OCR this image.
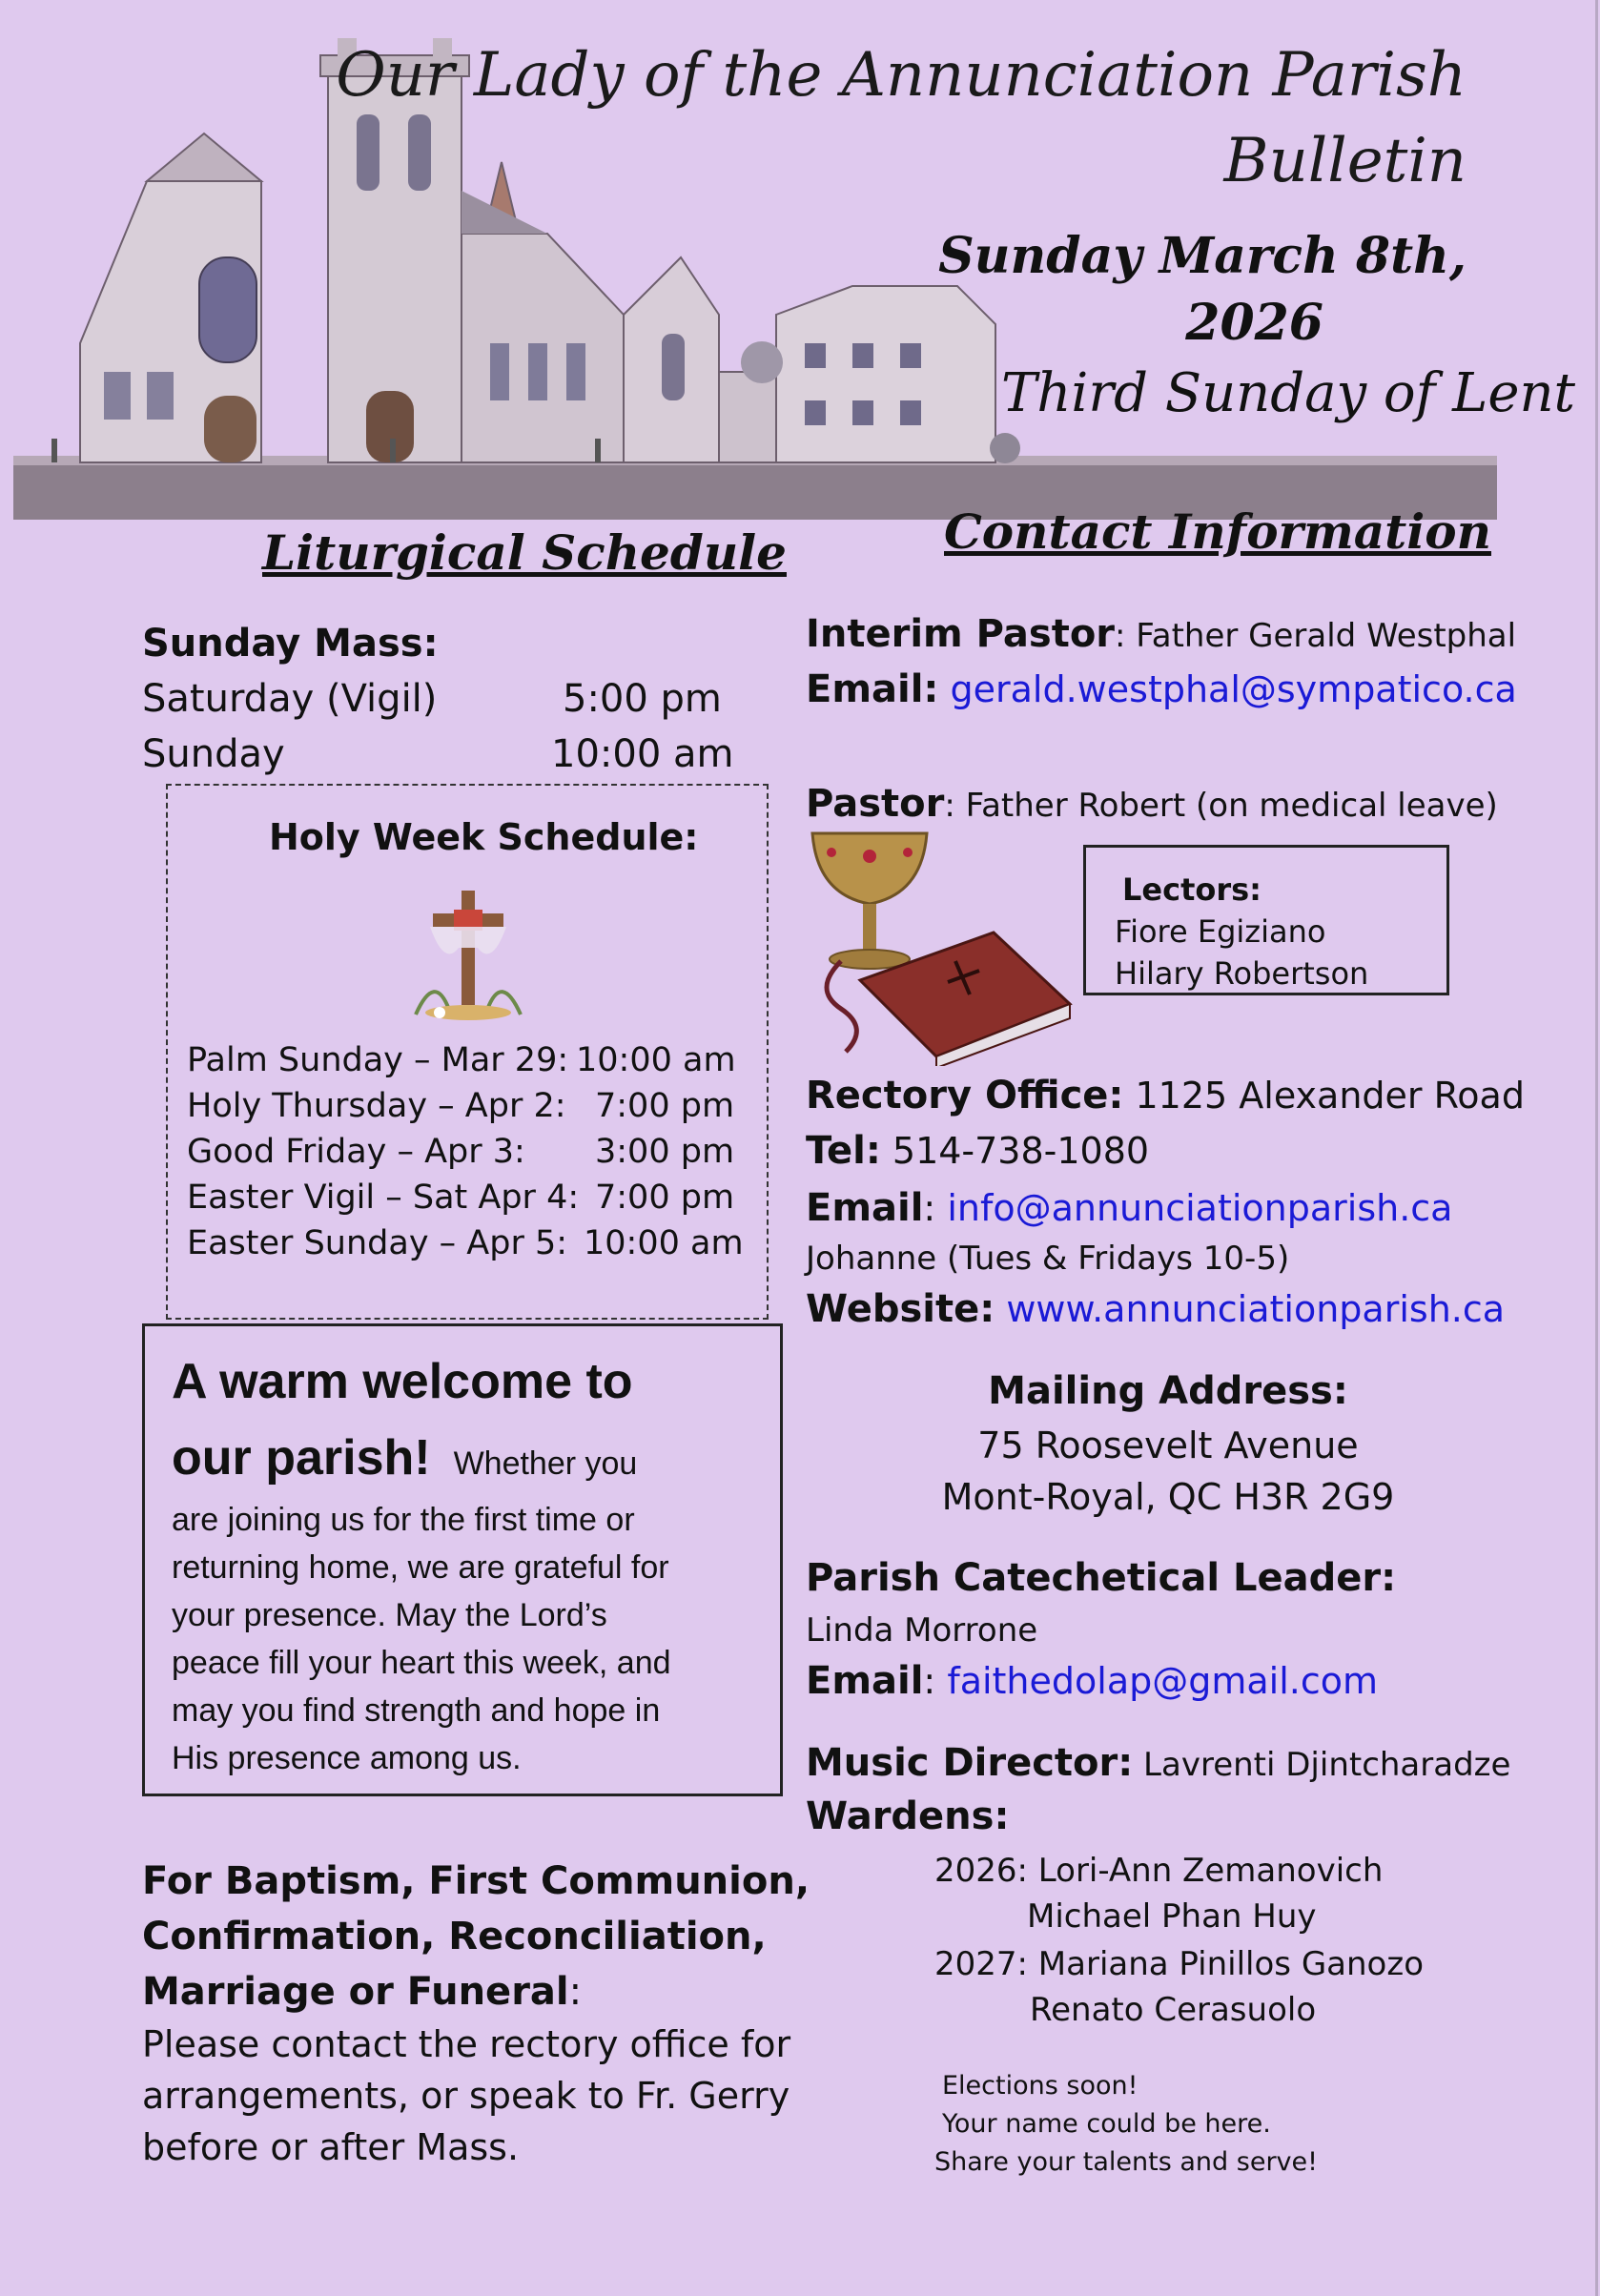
Our Lady of the Annunciation Parish
Bulletin
Sunday March 8th,
2026
Third Sunday of Lent
Liturgical Schedule	Contact Information
Sunday Mass:
Saturday (Vigil)	5:00 pm
Sunday	10:00 am
Holy Week Schedule:
Palm Sunday – Mar 29: 10:00 am
Holy Thursday – Apr 2: 7:00 pm
Good Friday – Apr 3: 3:00 pm
Easter Vigil – Sat Apr 4: 7:00 pm
Easter Sunday – Apr 5: 10:00 am
A warm welcome to
our parish! Whether you
are joining us for the first time or
returning home, we are grateful for
your presence. May the Lord’s
peace fill your heart this week, and
may you find strength and hope in
His presence among us.
For Baptism, First Communion,
Confirmation, Reconciliation,
Marriage or Funeral:
Please contact the rectory office for
arrangements, or speak to Fr. Gerry
before or after Mass.
Interim Pastor: Father Gerald Westphal
Email: gerald.westphal@sympatico.ca
Pastor: Father Robert (on medical leave)
Lectors:
Fiore Egiziano
Hilary Robertson
Rectory Office: 1125 Alexander Road
Tel: 514-738-1080
Email: info@annunciationparish.ca
Johanne (Tues & Fridays 10-5)
Website: www.annunciationparish.ca
Mailing Address:
75 Roosevelt Avenue
Mont-Royal, QC H3R 2G9
Parish Catechetical Leader:
Linda Morrone
Email: faithedolap@gmail.com
Music Director: Lavrenti Djintcharadze
Wardens:
2026: Lori-Ann Zemanovich
Michael Phan Huy
2027: Mariana Pinillos Ganozo
Renato Cerasuolo
Elections soon!
Your name could be here.
Share your talents and serve!
